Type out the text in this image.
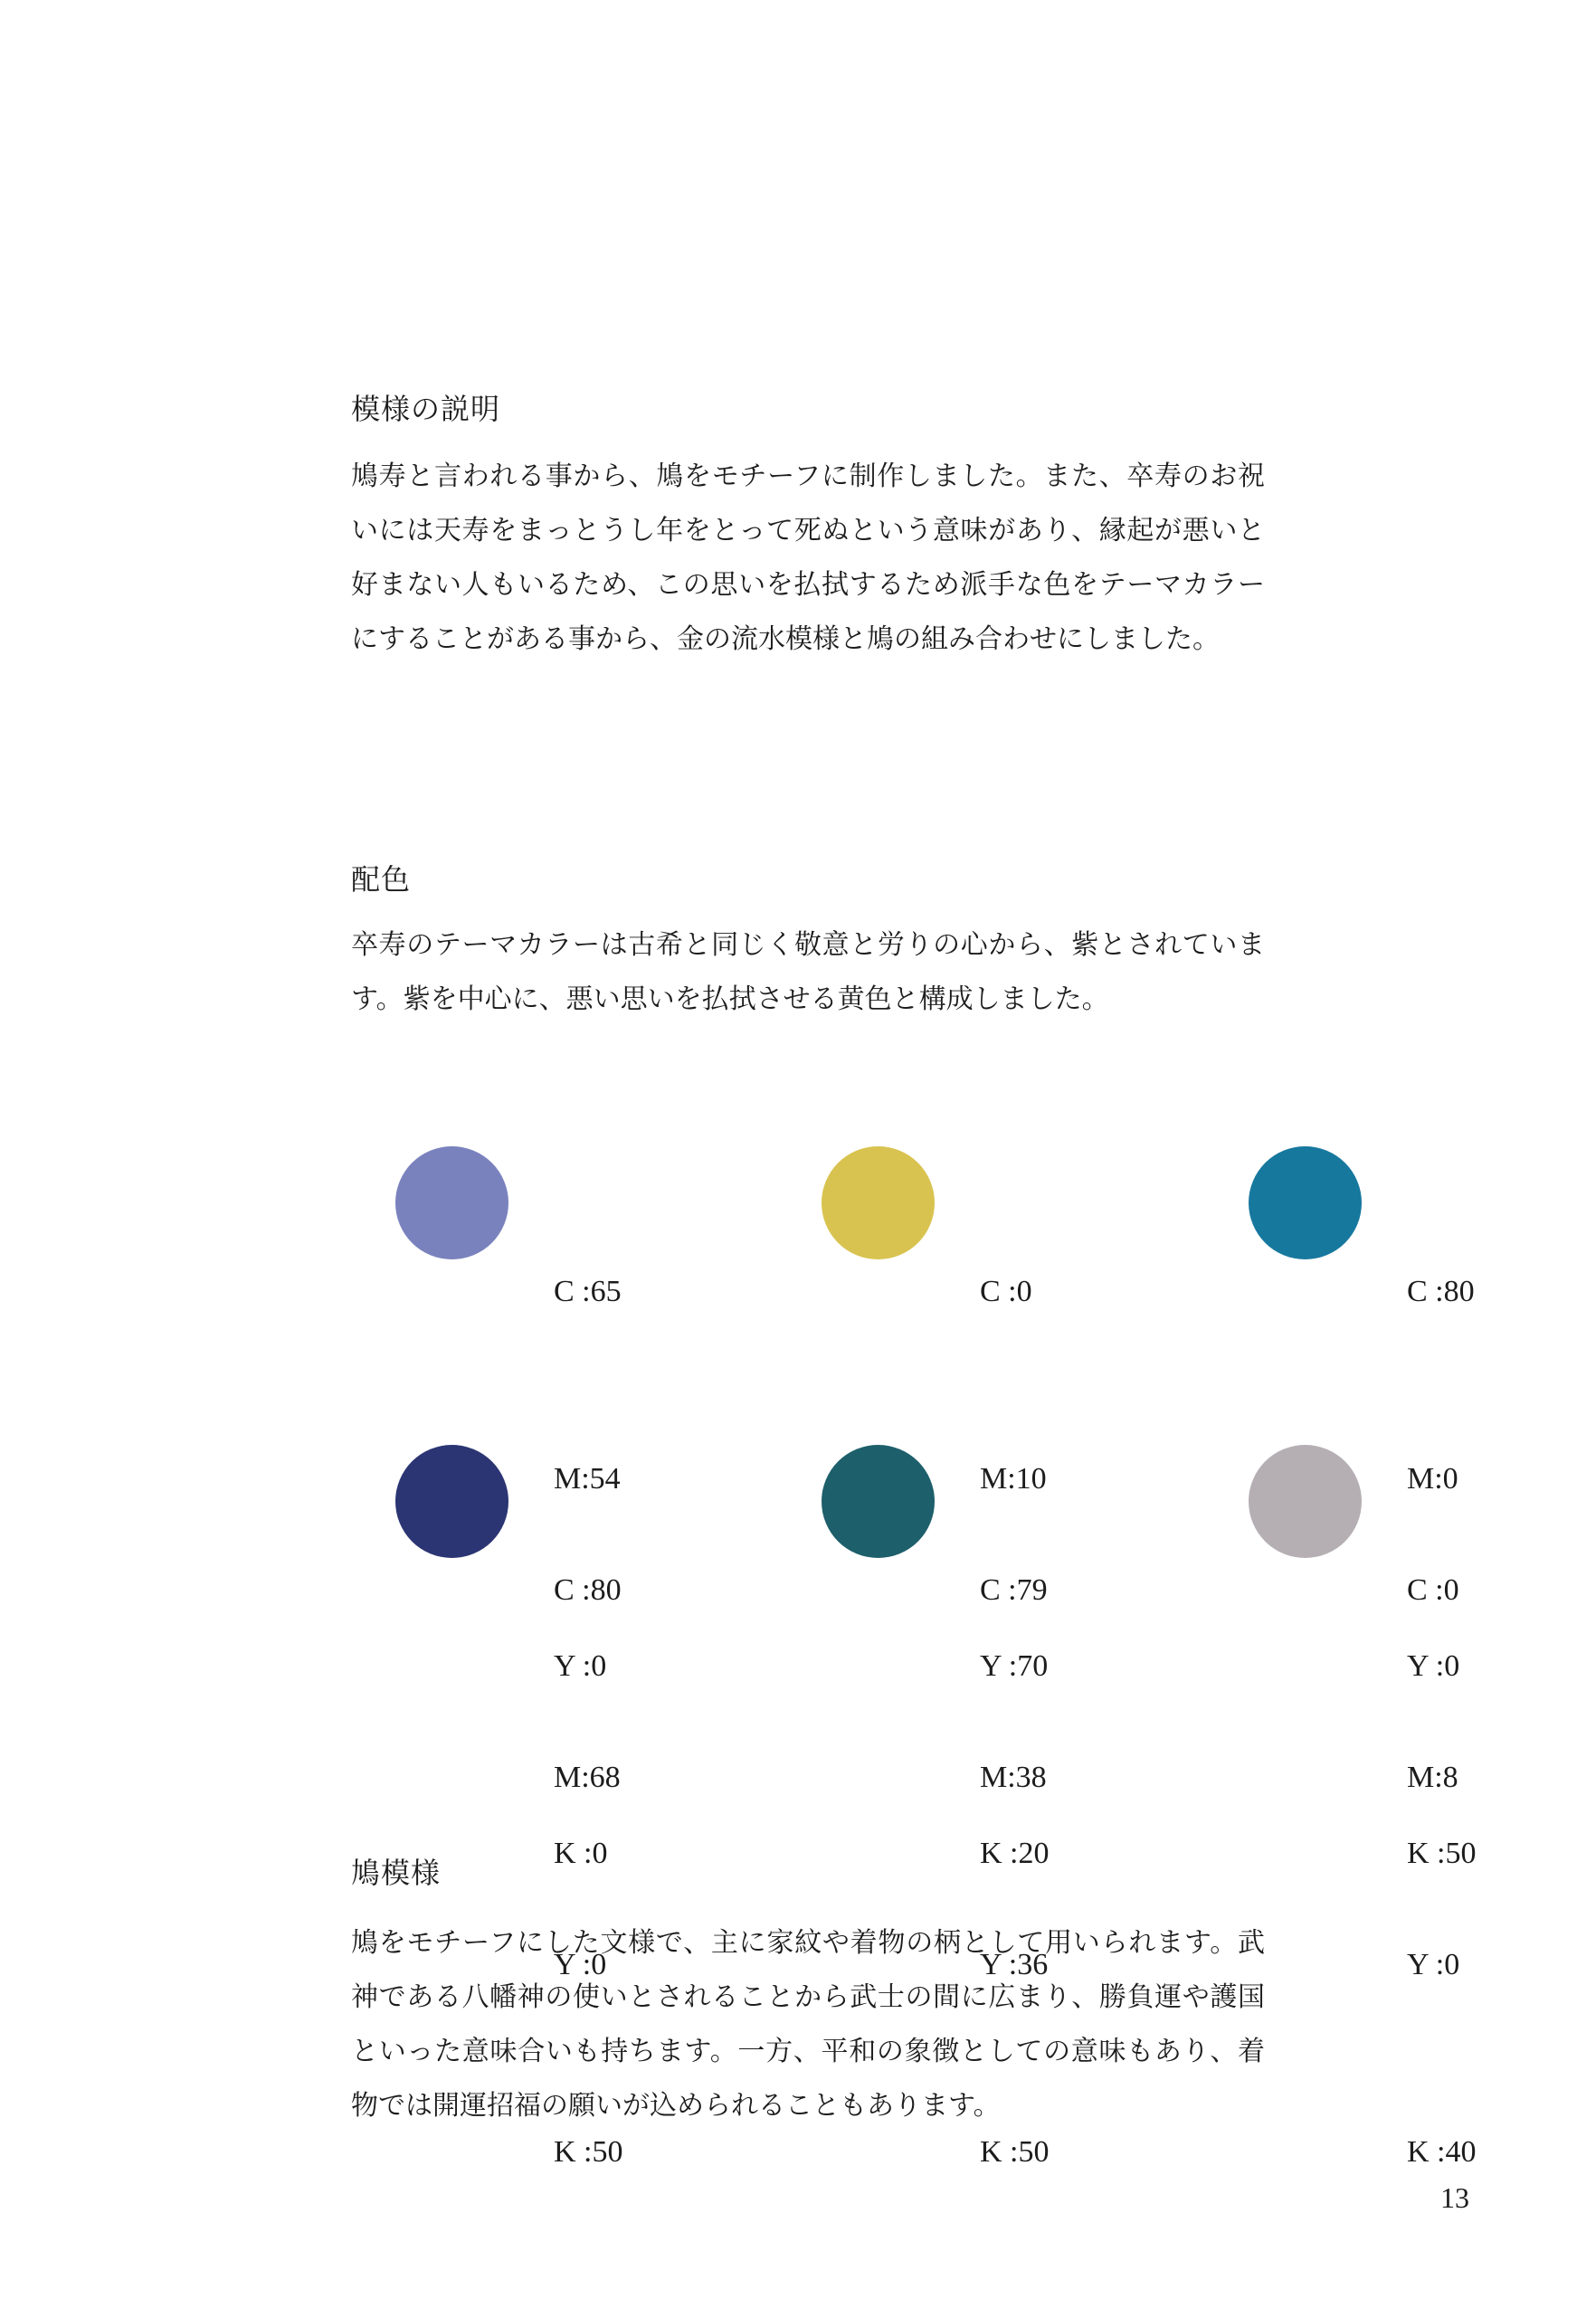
模様の説明

鳩寿と言われる事から、鳩をモチーフに制作しました。また、卒寿のお祝いには天寿をまっとうし年をとって死ぬという意味があり、縁起が悪いと好まない人もいるため、この思いを払拭するため派手な色をテーマカラーにすることがある事から、金の流水模様と鳩の組み合わせにしました。

配色

卒寿のテーマカラーは古希と同じく敬意と労りの心から、紫とされています。紫を中心に、悪い思いを払拭させる黄色と構成しました。

C :65

M:54

Y :0

K :0

C :0

M:10

Y :70

K :20

C :80

M:0

Y :0

K :50

C :80

M:68

Y :0

K :50

C :79

M:38

Y :36

K :50

C :0

M:8

Y :0

K :40

鳩模様

鳩をモチーフにした文様で、主に家紋や着物の柄として用いられます。武神である八幡神の使いとされることから武士の間に広まり、勝負運や護国といった意味合いも持ちます。一方、平和の象徴としての意味もあり、着物では開運招福の願いが込められることもあります。

13
